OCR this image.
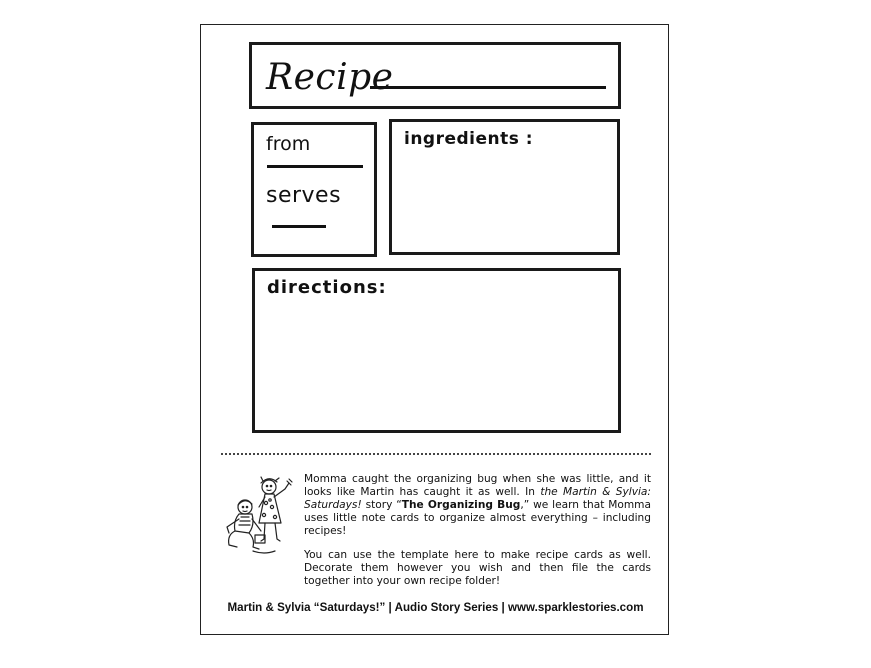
Recipe
from
serves
ingredients :
directions:

Momma caught the organizing bug when she was little, and it looks like Martin has caught it as well. In the Martin & Sylvia: Saturdays! story “The Organizing Bug,” we learn that Momma uses little note cards to organize almost everything – including recipes!

You can use the template here to make recipe cards as well. Decorate them however you wish and then file the cards together into your own recipe folder!

Martin & Sylvia “Saturdays!” | Audio Story Series | www.sparklestories.com
